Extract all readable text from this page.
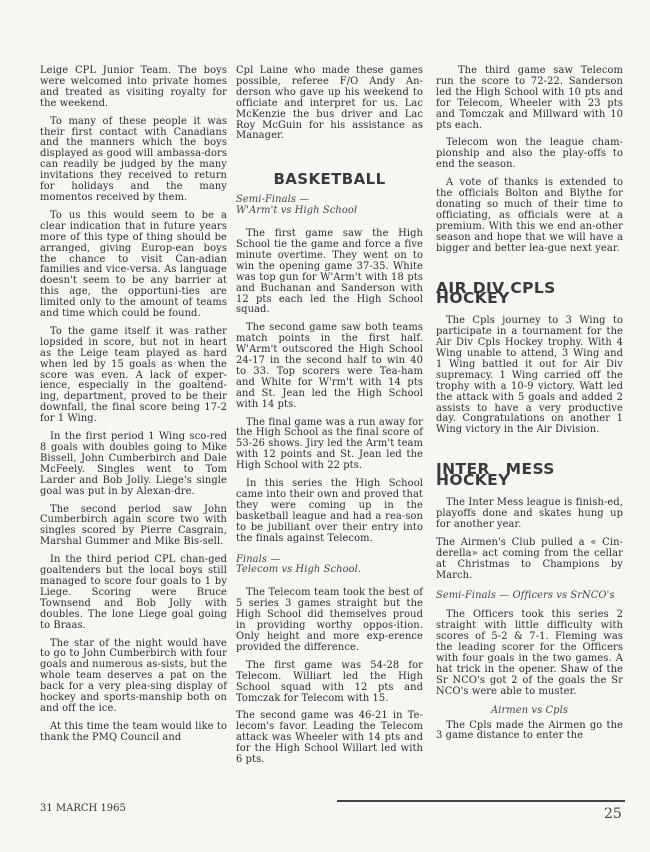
Leige CPL Junior Team. The boys were welcomed into private homes and treated as visiting royalty for the weekend.

To many of these people it was their first contact with Canadians and the manners which the boys displayed as good will ambassa-dors can readily be judged by the many invitations they received to return for holidays and the many momentos received by them.

To us this would seem to be a clear indication that in future years more of this type of thing should be arranged, giving Europ-ean boys the chance to visit Can-adian families and vice-versa. As language doesn't seem to be any barrier at this age, the opportuni-ties are limited only to the amount of teams and time which could be found.

To the game itself it was rather lopsided in score, but not in heart as the Leige team played as hard when led by 15 goals as when the score was even. A lack of exper-ience, especially in the goaltend-ing, department, proved to be their downfall, the final score being 17-2 for 1 Wing.

In the first period 1 Wing sco-red 8 goals with doubles going to Mike Bissell, John Cumberbirch and Dale McFeely. Singles went to Tom Larder and Bob Jolly. Liege's single goal was put in by Alexan-dre.

The second period saw John Cumberbirch again score two with singles scored by Pierre Casgrain, Marshal Gummer and Mike Bis-sell.

In the third period CPL chan-ged goaltenders but the local boys still managed to score four goals to 1 by Liege. Scoring were Bruce Townsend and Bob Jolly with doubles. The lone Liege goal going to Braas.

The star of the night would have to go to John Cumberbirch with four goals and numerous as-sists, but the whole team deserves a pat on the back for a very plea-sing display of hockey and sports-manship both on and off the ice.

At this time the team would like to thank the PMQ Council and

Cpl Laine who made these games possible, referee F/O Andy An-derson who gave up his weekend to officiate and interpret for us. Lac McKenzie the bus driver and Lac Roy McGuin for his assistance as Manager.

BASKETBALL
Semi-Finals —
W'Arm't vs High School

The first game saw the High School tie the game and force a five minute overtime. They went on to win the opening game 37-35. White was top gun for W'Arm't with 18 pts and Buchanan and Sanderson with 12 pts each led the High School squad.

The second game saw both teams match points in the first half. W'Arm't outscored the High School 24-17 in the second half to win 40 to 33. Top scorers were Tea-ham and White for W'rm't with 14 pts and St. Jean led the High School with 14 pts.

The final game was a run away for the High School as the final score of 53-26 shows. Jiry led the Arm't team with 12 points and St. Jean led the High School with 22 pts.

In this series the High School came into their own and proved that they were coming up in the basketball league and had a rea-son to be jubiliant over their entry into the finals against Telecom.

Finals —
Telecom vs High School.

The Telecom team took the best of 5 series 3 games straight but the High School did themselves proud in providing worthy oppos-ition. Only height and more exp-erence provided the difference.

The first game was 54-28 for Telecom. Williart led the High School squad with 12 pts and Tomczak for Telecom with 15.

The second game was 46-21 in Te-lecom's favor. Leading the Telecom attack was Wheeler with 14 pts and for the High School Willart led with 6 pts.

The third game saw Telecom run the score to 72-22. Sanderson led the High School with 10 pts and for Telecom, Wheeler with 23 pts and Tomczak and Millward with 10 pts each.

Telecom won the league cham-pionship and also the play-offs to end the season.

A vote of thanks is extended to the officials Bolton and Blythe for donating so much of their time to officiating, as officials were at a premium. With this we end an-other season and hope that we will have a bigger and better lea-gue next year.

AIR DIV CPLS HOCKEY

The Cpls journey to 3 Wing to participate in a tournament for the Air Div Cpls Hockey trophy. With 4 Wing unable to attend, 3 Wing and 1 Wing battled it out for Air Div supremacy. 1 Wing carried off the trophy with a 10-9 victory. Watt led the attack with 5 goals and added 2 assists to have a very productive day. Congratulations on another 1 Wing victory in the Air Division.

INTER MESS HOCKEY

The Inter Mess league is finish-ed, playoffs done and skates hung up for another year.

The Airmen's Club pulled a « Cin-derella» act coming from the cellar at Christmas to Champions by March.

Semi-Finals — Officers vs SrNCO's

The Officers took this series 2 straight with little difficulty with scores of 5-2 & 7-1. Fleming was the leading scorer for the Officers with four goals in the two games. A hat trick in the opener. Shaw of the Sr NCO's got 2 of the goals the Sr NCO's were able to muster.

Airmen vs Cpls

The Cpls made the Airmen go the 3 game distance to enter the

31 MARCH 1965	25
